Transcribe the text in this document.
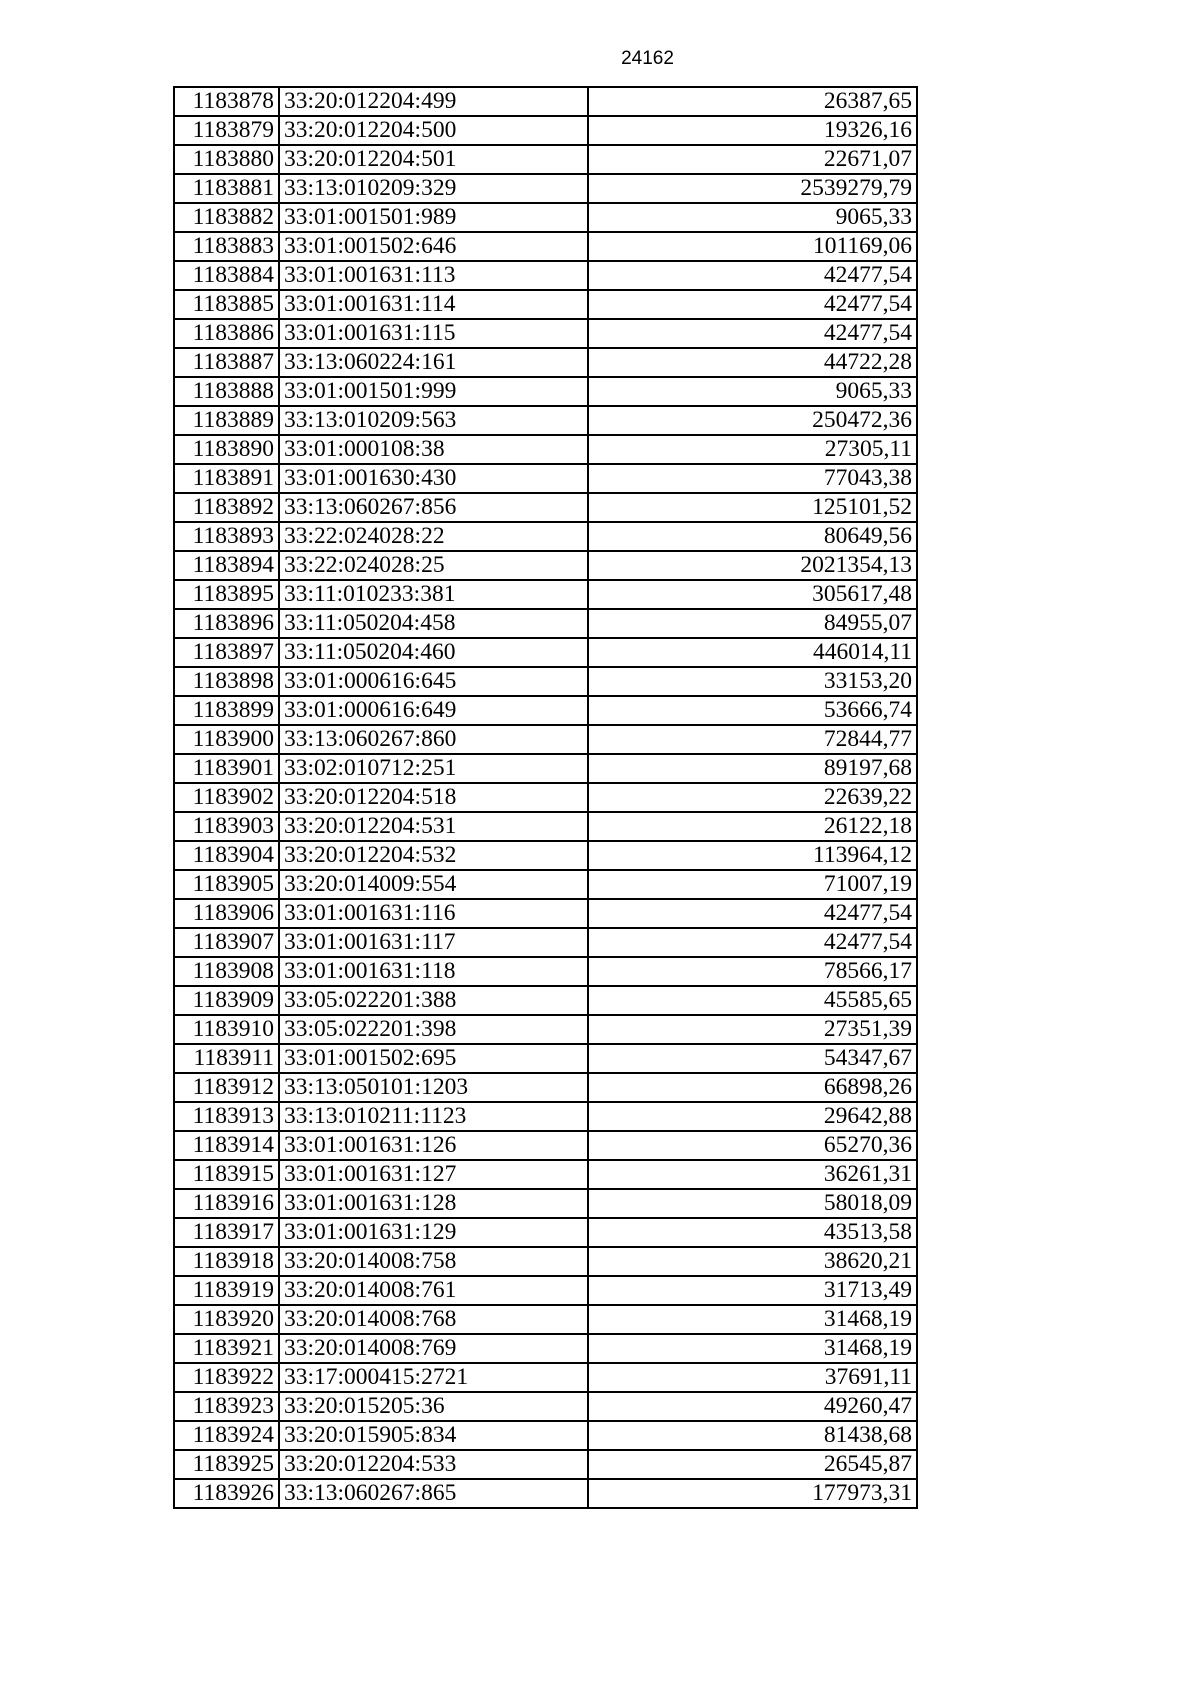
24162
1183878	33:20:012204:499	26387,65
1183879	33:20:012204:500	19326,16
1183880	33:20:012204:501	22671,07
1183881	33:13:010209:329	2539279,79
1183882	33:01:001501:989	9065,33
1183883	33:01:001502:646	101169,06
1183884	33:01:001631:113	42477,54
1183885	33:01:001631:114	42477,54
1183886	33:01:001631:115	42477,54
1183887	33:13:060224:161	44722,28
1183888	33:01:001501:999	9065,33
1183889	33:13:010209:563	250472,36
1183890	33:01:000108:38	27305,11
1183891	33:01:001630:430	77043,38
1183892	33:13:060267:856	125101,52
1183893	33:22:024028:22	80649,56
1183894	33:22:024028:25	2021354,13
1183895	33:11:010233:381	305617,48
1183896	33:11:050204:458	84955,07
1183897	33:11:050204:460	446014,11
1183898	33:01:000616:645	33153,20
1183899	33:01:000616:649	53666,74
1183900	33:13:060267:860	72844,77
1183901	33:02:010712:251	89197,68
1183902	33:20:012204:518	22639,22
1183903	33:20:012204:531	26122,18
1183904	33:20:012204:532	113964,12
1183905	33:20:014009:554	71007,19
1183906	33:01:001631:116	42477,54
1183907	33:01:001631:117	42477,54
1183908	33:01:001631:118	78566,17
1183909	33:05:022201:388	45585,65
1183910	33:05:022201:398	27351,39
1183911	33:01:001502:695	54347,67
1183912	33:13:050101:1203	66898,26
1183913	33:13:010211:1123	29642,88
1183914	33:01:001631:126	65270,36
1183915	33:01:001631:127	36261,31
1183916	33:01:001631:128	58018,09
1183917	33:01:001631:129	43513,58
1183918	33:20:014008:758	38620,21
1183919	33:20:014008:761	31713,49
1183920	33:20:014008:768	31468,19
1183921	33:20:014008:769	31468,19
1183922	33:17:000415:2721	37691,11
1183923	33:20:015205:36	49260,47
1183924	33:20:015905:834	81438,68
1183925	33:20:012204:533	26545,87
1183926	33:13:060267:865	177973,31
